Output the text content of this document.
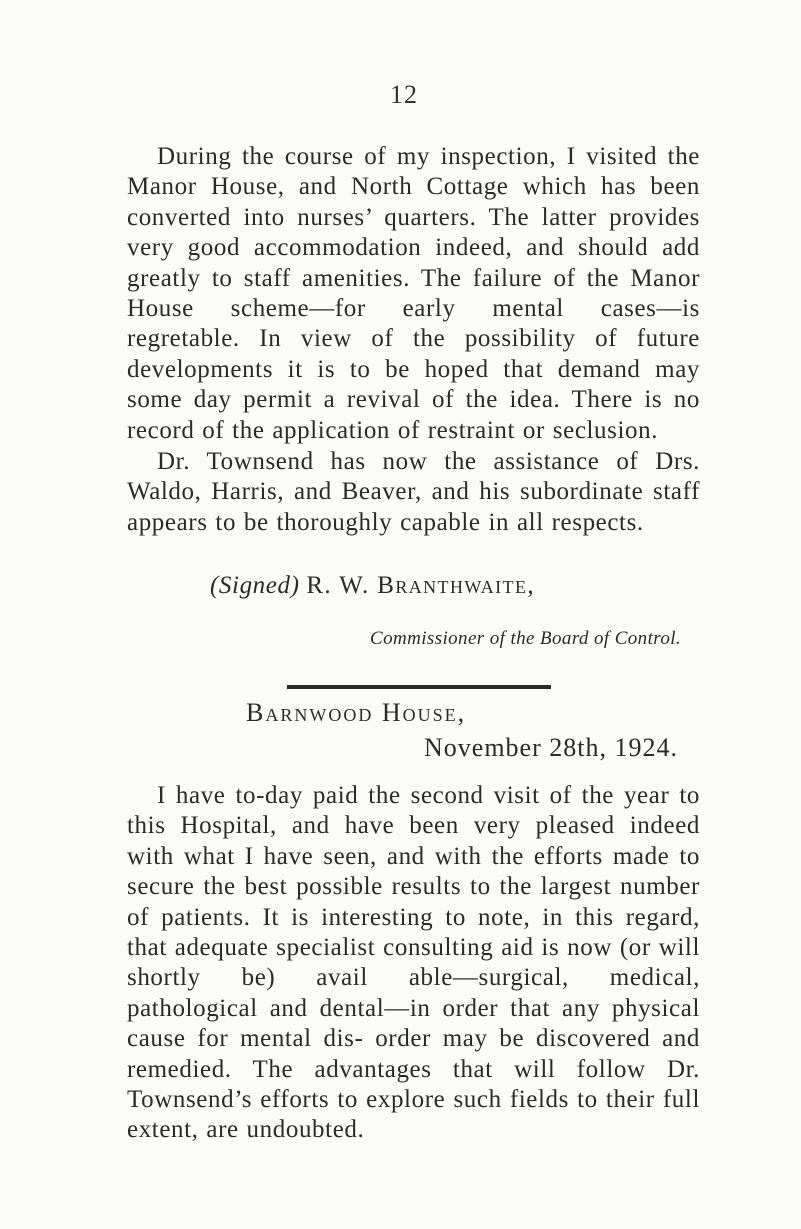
12

During the course of my inspection, I visited the Manor House, and North Cottage which has been converted into nurses’ quarters. The latter provides very good accommodation indeed, and should add greatly to staff amenities. The failure of the Manor House scheme—for early mental cases—is regretable. In view of the possibility of future developments it is to be hoped that demand may some day permit a revival of the idea. There is no record of the application of restraint or seclusion.

Dr. Townsend has now the assistance of Drs. Waldo, Harris, and Beaver, and his subordinate staff appears to be thoroughly capable in all respects.

(Signed) R. W. Branthwaite,
Commissioner of the Board of Control.
Barnwood House,
November 28th, 1924.

I have to-day paid the second visit of the year to this Hospital, and have been very pleased indeed with what I have seen, and with the efforts made to secure the best possible results to the largest number of patients. It is interesting to note, in this regard, that adequate specialist consulting aid is now (or will shortly be) avail able—surgical, medical, pathological and dental—in order that any physical cause for mental dis- order may be discovered and remedied. The advantages that will follow Dr. Townsend’s efforts to explore such fields to their full extent, are undoubted.
